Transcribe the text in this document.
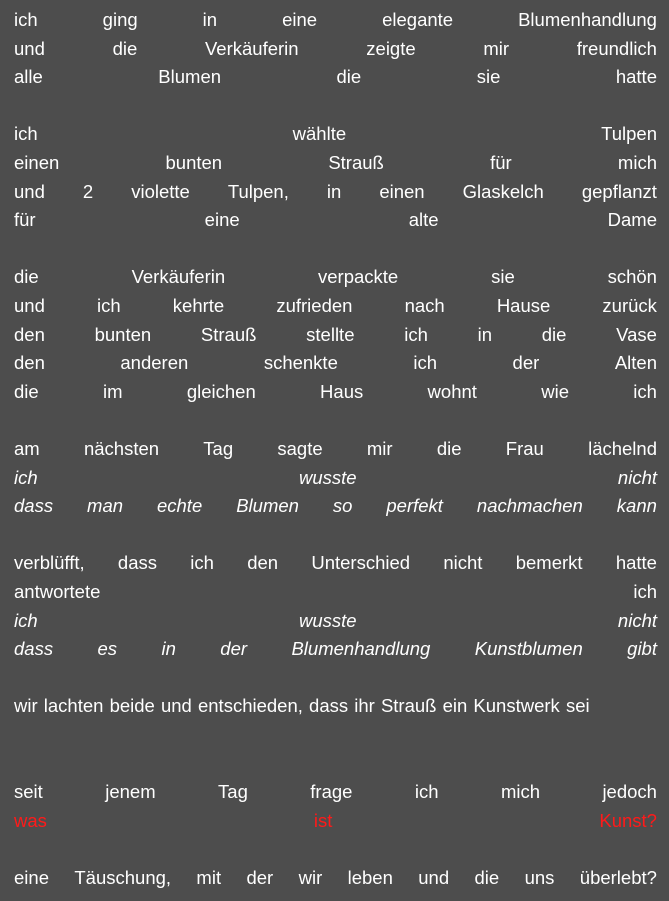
ich	ging	in	eine	elegante	Blumenhandlung
und	die	Verkäuferin	zeigte	mir	freundlich
alle	Blumen	die	sie	hatte
ich	wählte	Tulpen
einen	bunten	Strauß	für	mich
und 2 violette Tulpen, in einen Glaskelch gepflanzt
für	eine	alte	Dame
die	Verkäuferin	verpackte	sie	schön
und	ich	kehrte	zufrieden	nach	Hause	zurück
den	bunten	Strauß	stellte	ich	in	die	Vase
den	anderen	schenkte	ich	der	Alten
die	im	gleichen	Haus	wohnt	wie	ich
am nächsten Tag sagte mir die Frau lächelnd
ich	wusste	nicht
dass man echte Blumen so perfekt nachmachen kann
verblüfft, dass ich den Unterschied nicht bemerkt hatte
antwortete	ich
ich	wusste	nicht
dass es in der Blumenhandlung Kunstblumen gibt
wir lachten beide und entschieden, dass ihr Strauß ein Kunstwerk sei
seit	jenem	Tag	frage	ich	mich	jedoch
was	ist	Kunst?
eine Täuschung, mit der wir leben und die uns überlebt?
